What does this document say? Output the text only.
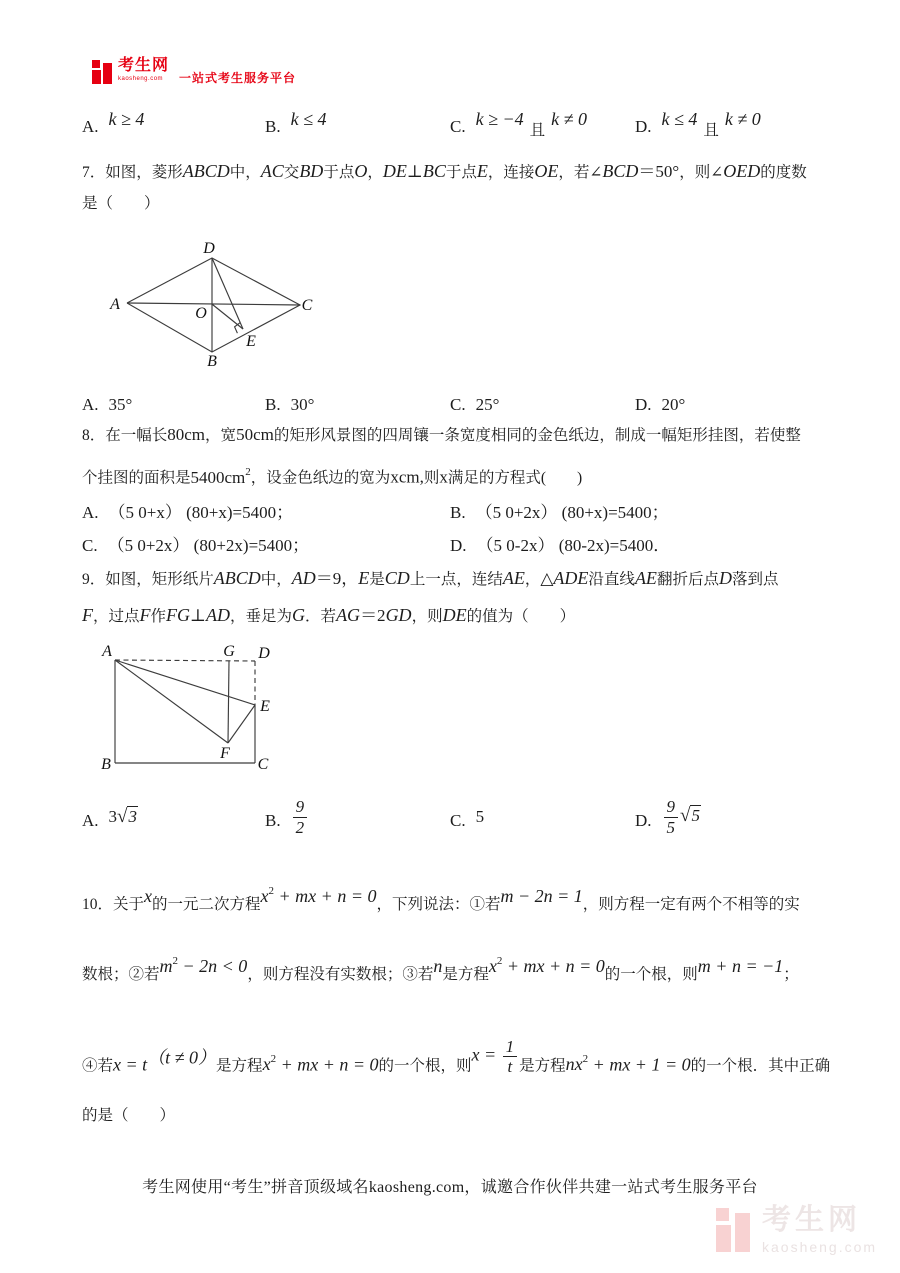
考生网
kaosheng.com	一站式考生服务平台
A. k ≥ 4	B. k ≤ 4	C. k ≥ −4且k ≠ 0	D. k ≤ 4且k ≠ 0
7．如图，菱形ABCD中，AC交BD于点O，DE⊥BC于点E，连接OE，若∠BCD＝50°，则∠OED的度数
是（　　）
A
D
C
B
O
E
A. 35°	B. 30°	C. 25°	D. 20°
8．在一幅长80cm，宽50cm的矩形风景图的四周镶一条宽度相同的金色纸边，制成一幅矩形挂图，若使整
个挂图的面积是$5400cm^2$，设金色纸边的宽为xcm,则x满足的方程式(　　)
A. （5 0+x） (80+x)=5400；	B. （5 0+2x） (80+x)=5400；
C. （5 0+2x） (80+2x)=5400；	D. （5 0-2x） (80-2x)=5400．
9．如图，矩形纸片ABCD中，AD＝9，E是CD上一点，连结AE，△ADE沿直线AE翻折后点D落到点
F，过点F作FG⊥AD，垂足为G．若AG＝2GD，则DE的值为（　　）
A	G D
E
F
B	C
A. 3√3	B. $\frac{9}{2}$	C. 5	D. $\frac{9}{5} √5$
10．关于x的一元二次方程$x^2$ + mx + n = 0，下列说法：①若m − 2n = 1，则方程一定有两个不相等的实
数根；②若$m^2 - 2n < 0$，则方程没有实数根；③若n是方程$x^2$ + mx + n = 0的一个根，则m + n = −1；
④若x = t（t ≠ 0）是方程$x^2$ + mx + n = 0的一个根，则$x = \frac{1}{t}$ 是方程$nx^2$ + mx + 1 = 0的一个根．其中正确
的是（　　）
考生网使用“考生”拼音顶级域名kaosheng.com，诚邀合作伙伴共建一站式考生服务平台
考生网
kaosheng.com
